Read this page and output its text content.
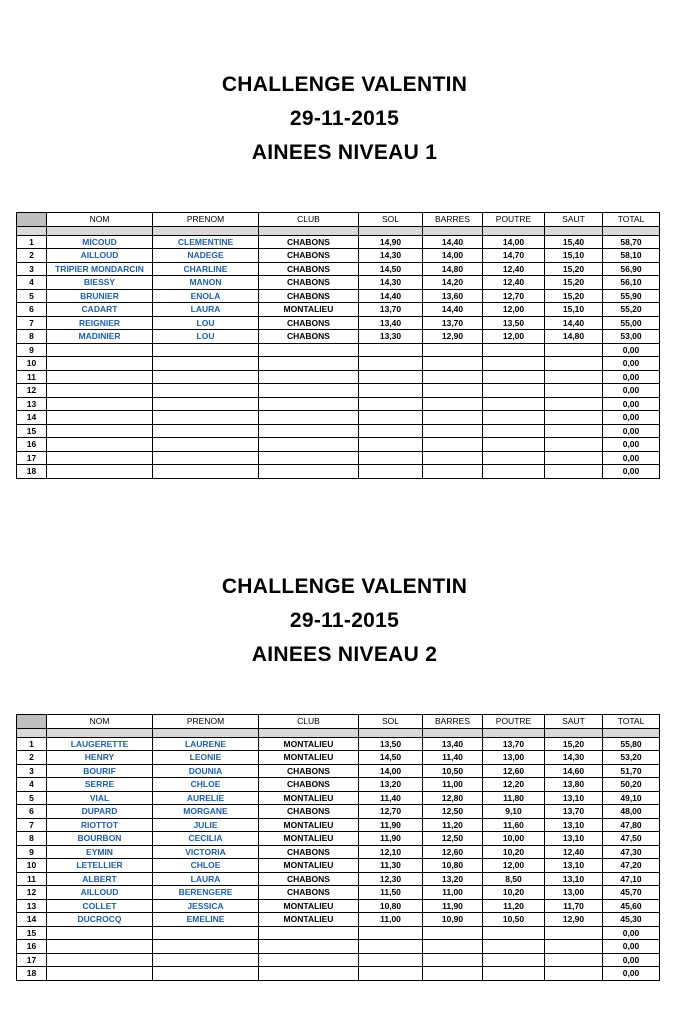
CHALLENGE VALENTIN
29-11-2015
AINEES NIVEAU 1
	NOM	PRENOM	CLUB	SOL	BARRES	POUTRE	SAUT	TOTAL

1	MICOUD	CLEMENTINE	CHABONS	14,90	14,40	14,00	15,40	58,70
2	AILLOUD	NADEGE	CHABONS	14,30	14,00	14,70	15,10	58,10
3	TRIPIER MONDARCIN	CHARLINE	CHABONS	14,50	14,80	12,40	15,20	56,90
4	BIESSY	MANON	CHABONS	14,30	14,20	12,40	15,20	56,10
5	BRUNIER	ENOLA	CHABONS	14,40	13,60	12,70	15,20	55,90
6	CADART	LAURA	MONTALIEU	13,70	14,40	12,00	15,10	55,20
7	REIGNIER	LOU	CHABONS	13,40	13,70	13,50	14,40	55,00
8	MADINIER	LOU	CHABONS	13,30	12,90	12,00	14,80	53,00
9								0,00
10								0,00
11								0,00
12								0,00
13								0,00
14								0,00
15								0,00
16								0,00
17								0,00
18								0,00
CHALLENGE VALENTIN
29-11-2015
AINEES NIVEAU 2
	NOM	PRENOM	CLUB	SOL	BARRES	POUTRE	SAUT	TOTAL

1	LAUGERETTE	LAURENE	MONTALIEU	13,50	13,40	13,70	15,20	55,80
2	HENRY	LEONIE	MONTALIEU	14,50	11,40	13,00	14,30	53,20
3	BOURIF	DOUNIA	CHABONS	14,00	10,50	12,60	14,60	51,70
4	SERRE	CHLOE	CHABONS	13,20	11,00	12,20	13,80	50,20
5	VIAL	AURELIE	MONTALIEU	11,40	12,80	11,80	13,10	49,10
6	DUPARD	MORGANE	CHABONS	12,70	12,50	9,10	13,70	48,00
7	RIOTTOT	JULIE	MONTALIEU	11,90	11,20	11,60	13,10	47,80
8	BOURBON	CECILIA	MONTALIEU	11,90	12,50	10,00	13,10	47,50
9	EYMIN	VICTORIA	CHABONS	12,10	12,60	10,20	12,40	47,30
10	LETELLIER	CHLOE	MONTALIEU	11,30	10,80	12,00	13,10	47,20
11	ALBERT	LAURA	CHABONS	12,30	13,20	8,50	13,10	47,10
12	AILLOUD	BERENGERE	CHABONS	11,50	11,00	10,20	13,00	45,70
13	COLLET	JESSICA	MONTALIEU	10,80	11,90	11,20	11,70	45,60
14	DUCROCQ	EMELINE	MONTALIEU	11,00	10,90	10,50	12,90	45,30
15								0,00
16								0,00
17								0,00
18								0,00
